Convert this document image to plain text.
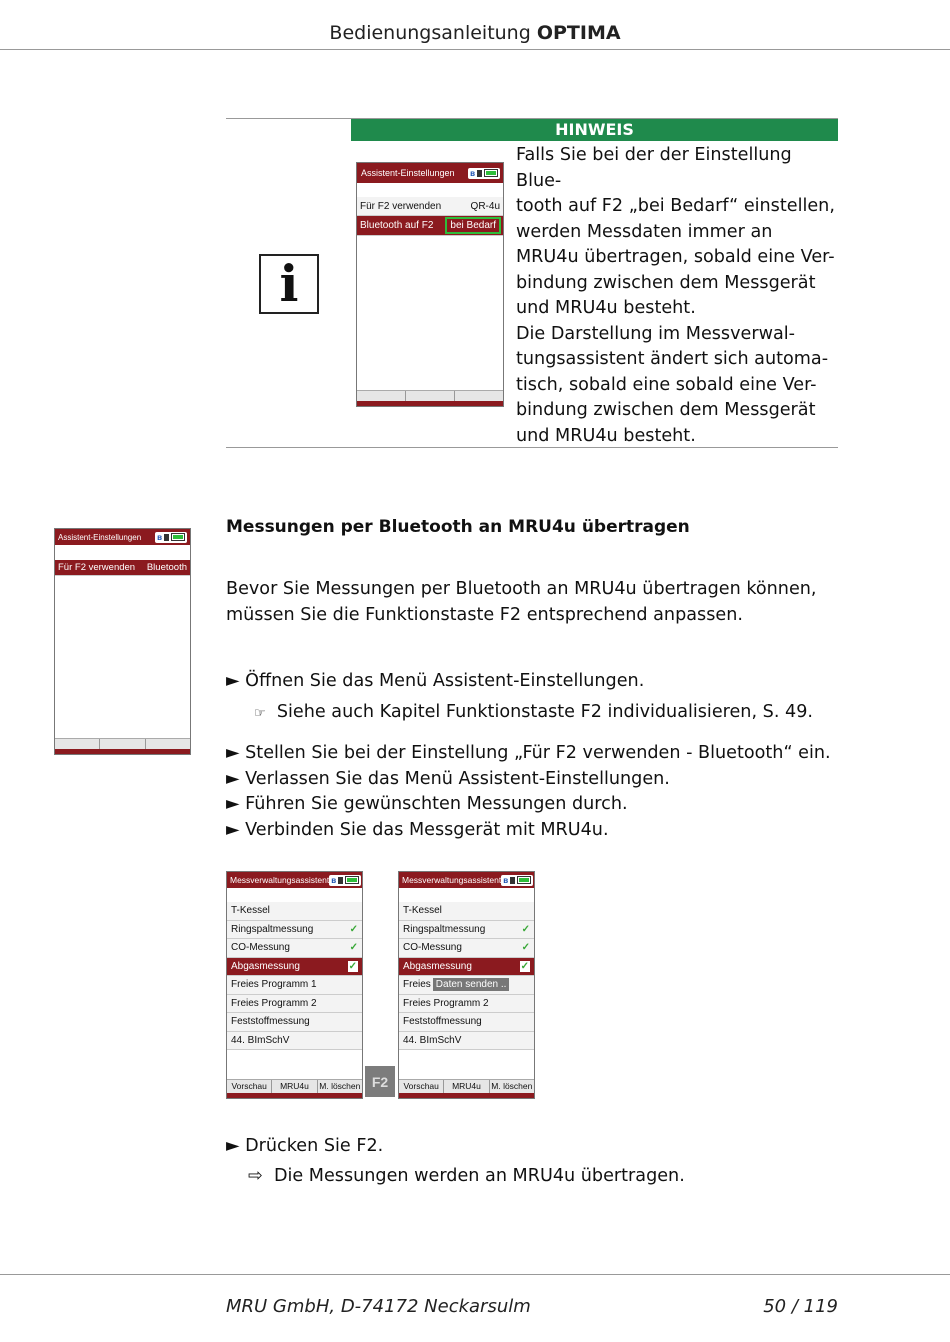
Bedienungsanleitung OPTIMA
HINWEIS
i
Assistent-Einstellungen ʙ
Für F2 verwenden	QR-4u
Bluetooth auf F2	bei Bedarf
Falls Sie bei der der Einstellung Blue-
tooth auf F2 „bei Bedarf“ einstellen,
werden Messdaten immer an
MRU4u übertragen, sobald eine Ver-
bindung zwischen dem Messgerät
und MRU4u besteht.
Die Darstellung im Messverwal-
tungsassistent ändert sich automa-
tisch, sobald eine sobald eine Ver-
bindung zwischen dem Messgerät
und MRU4u besteht.
Assistent-Einstellungen ʙ
Für F2 verwenden Bluetooth
Messungen per Bluetooth an MRU4u übertragen
Bevor Sie Messungen per Bluetooth an MRU4u übertragen können,
müssen Sie die Funktionstaste F2 entsprechend anpassen.
► Öffnen Sie das Menü Assistent-Einstellungen.
☞ Siehe auch Kapitel Funktionstaste F2 individualisieren, S. 49.
► Stellen Sie bei der Einstellung „Für F2 verwenden - Bluetooth“ ein.
► Verlassen Sie das Menü Assistent-Einstellungen.
► Führen Sie gewünschten Messungen durch.
► Verbinden Sie das Messgerät mit MRU4u.
Messverwaltungsassistent ʙ
T-Kessel
Ringspaltmessung	✓
CO-Messung	✓
Abgasmessung	✓
Freies Programm 1
Freies Programm 2
Feststoffmessung
44. BImSchV
Vorschau	MRU4u	M. löschen F2
Messverwaltungsassistent ʙ
T-Kessel
Ringspaltmessung	✓
CO-Messung	✓
Abgasmessung	✓
Freies Daten senden ..
Freies Programm 2
Feststoffmessung
44. BImSchV
Vorschau	MRU4u	M. löschen
► Drücken Sie F2.
⇨ Die Messungen werden an MRU4u übertragen.
MRU GmbH, D-74172 Neckarsulm	50 / 119
